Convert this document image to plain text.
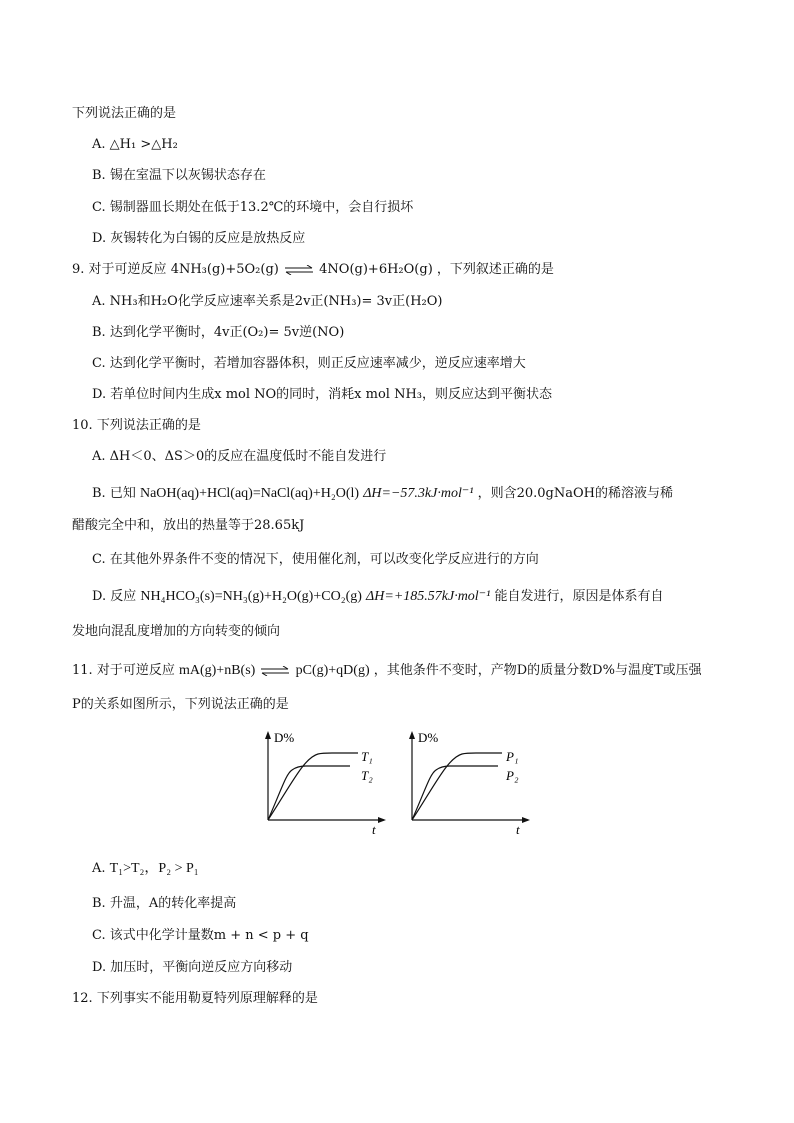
下列说法正确的是
A. △H₁ >△H₂
B. 锡在室温下以灰锡状态存在
C. 锡制器皿长期处在低于13.2℃的环境中，会自行损坏
D. 灰锡转化为白锡的反应是放热反应
9. 对于可逆反应 4NH₃(g)+5O₂(g) ⇌ 4NO(g)+6H₂O(g) ，下列叙述正确的是
A. NH₃和H₂O化学反应速率关系是2v正(NH₃)= 3v正(H₂O)
B. 达到化学平衡时，4v正(O₂)= 5v逆(NO)
C. 达到化学平衡时，若增加容器体积，则正反应速率减少，逆反应速率增大
D. 若单位时间内生成x mol NO的同时，消耗x mol NH₃，则反应达到平衡状态
10. 下列说法正确的是
A. ΔH＜0、ΔS＞0的反应在温度低时不能自发进行
B. 已知 NaOH(aq)+HCl(aq)=NaCl(aq)+H₂O(l) ΔH=−57.3kJ·mol⁻¹ ，则含20.0gNaOH的稀溶液与稀
醋酸完全中和，放出的热量等于28.65kJ
C. 在其他外界条件不变的情况下，使用催化剂，可以改变化学反应进行的方向
D. 反应 NH₄HCO₃(s)=NH₃(g)+H₂O(g)+CO₂(g) ΔH=+185.57kJ·mol⁻¹ 能自发进行，原因是体系有自
发地向混乱度增加的方向转变的倾向
11. 对于可逆反应 mA(g)+nB(s) ⇌ pC(g)+qD(g) ，其他条件不变时，产物D的质量分数D%与温度T或压强
P的关系如图所示，下列说法正确的是
D%
t
T₁
T₂
D%
t
P₁
P₂
A. T₁>T₂，P₂ > P₁
B. 升温，A的转化率提高
C. 该式中化学计量数m + n < p + q
D. 加压时，平衡向逆反应方向移动
12. 下列事实不能用勒夏特列原理解释的是
